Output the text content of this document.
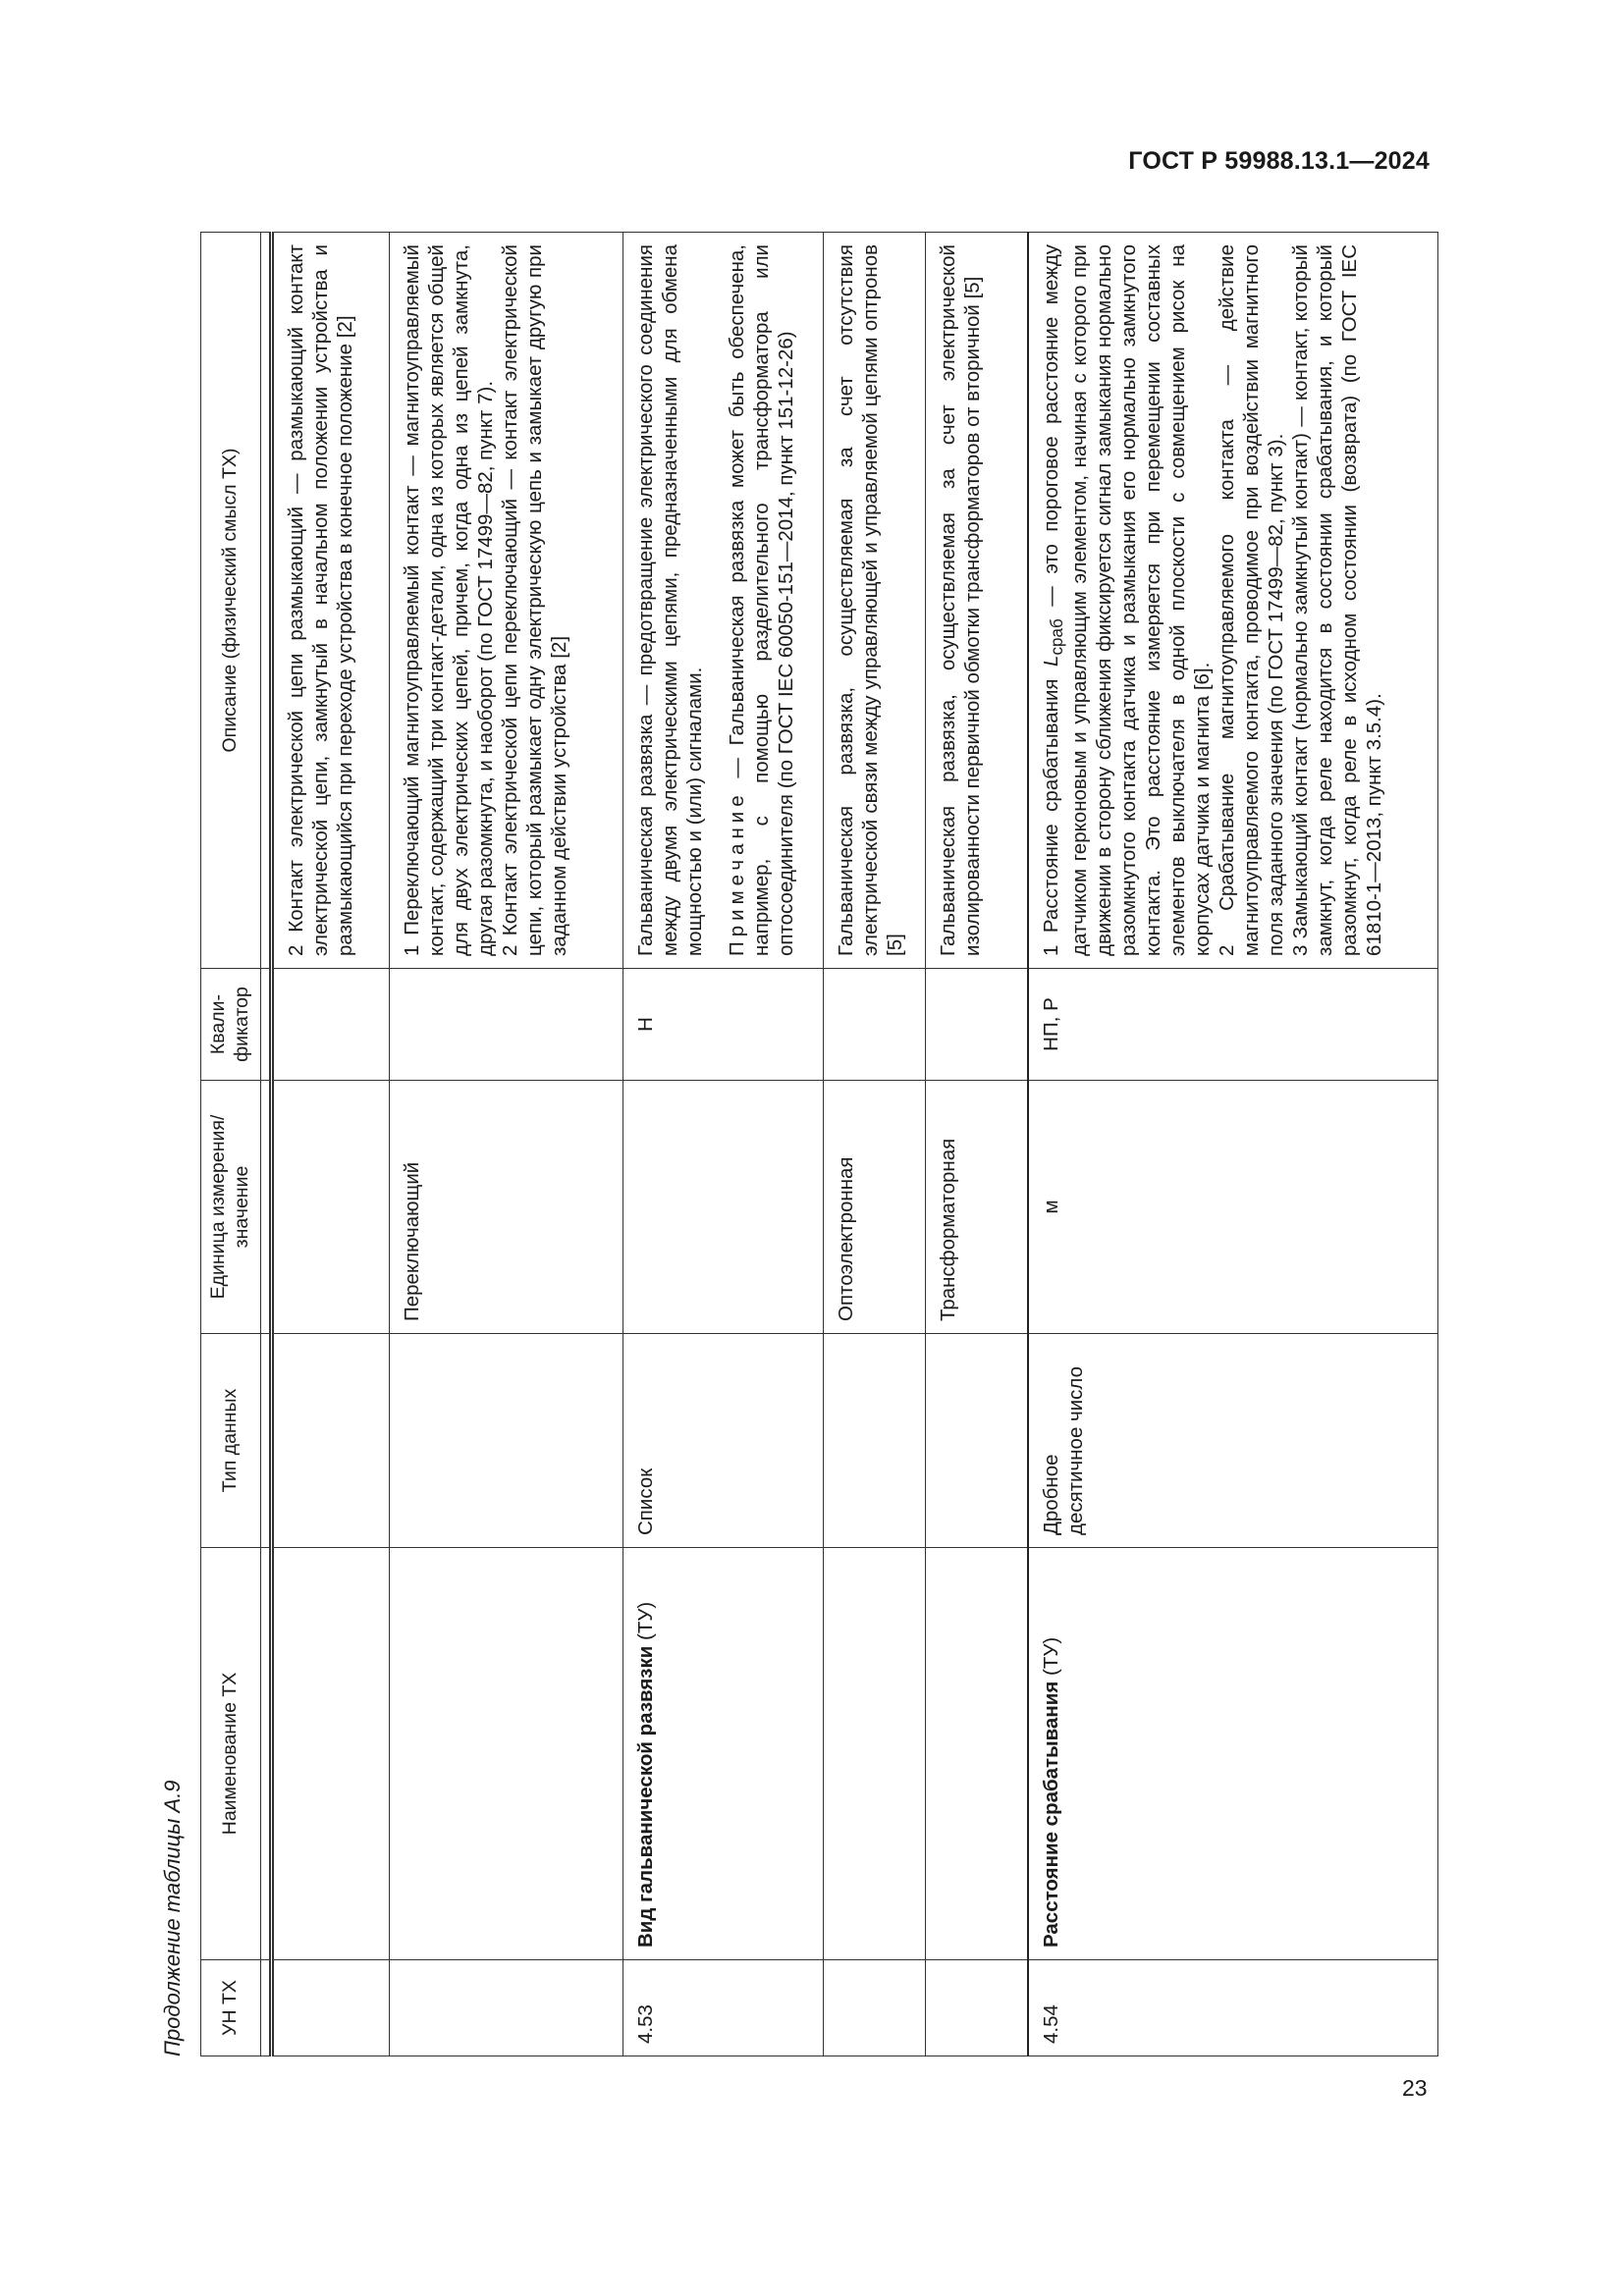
ГОСТ Р 59988.13.1—2024
Продолжение таблицы А.9	УН ТХ	Наименование ТХ	Тип данных	Единица измерения/ значение	Квали- фикатор	Описание (физический смысл ТХ)

					2 Контакт электрической цепи размыкающий — размыкающий контакт электрической цепи, замкнутый в начальном положении устройства и размыкающийся при переходе устройства в конечное положение [2]
			Переключающий		1 Переключающий магнитоуправляемый контакт — магнитоуправляемый контакт, содержащий три контакт-детали, одна из которых является общей для двух электрических цепей, причем, когда одна из цепей замкнута, другая разомкнута, и наоборот (по ГОСТ 17499—82, пункт 7). 2 Контакт электрической цепи переключающий — контакт электрической цепи, который размыкает одну электрическую цепь и замыкает другую при заданном действии устройства [2]

4.53	Вид гальванической развязки (ТУ)	Список		Н	Гальваническая развязка — предотвращение электрического соединения между двумя электрическими цепями, предназначенными для обмена мощностью и (или) сигналами. Примечание — Гальваническая развязка может быть обеспечена, например, с помощью разделительного трансформатора или оптосоединителя (по ГОСТ IEC 60050-151—2014, пункт 151-12-26)

			Оптоэлектронная		Гальваническая развязка, осуществляемая за счет отсутствия электрической связи между управляющей и управляемой цепями оптронов [5]
			Трансформаторная		Гальваническая развязка, осуществляемая за счет электрической изолированности первичной обмотки трансформаторов от вторичной [5]
4.54	Расстояние срабатывания (ТУ)	Дробное десятичное число	м	НП, Р	1 Расстояние срабатывания $L_{сраб}$ — это пороговое расстояние между датчиком герконовым и управляющим элементом, начиная с которого при движении в сторону сближения фиксируется сигнал замыкания нормально разомкнутого контакта датчика и размыкания его нормально замкнутого контакта. Это расстояние измеряется при перемещении составных элементов выключателя в одной плоскости с совмещением рисок на корпусах датчика и магнита [6]. 2 Срабатывание магнитоуправляемого контакта — действие магнитоуправляемого контакта, проводимое при воздействии магнитного поля заданного значения (по ГОСТ 17499—82, пункт 3). 3 Замыкающий контакт (нормально замкнутый контакт) — контакт, который замкнут, когда реле находится в состоянии срабатывания, и который разомкнут, когда реле в исходном состоянии (возврата) (по ГОСТ IEC 61810-1—2013, пункт 3.5.4).

23
